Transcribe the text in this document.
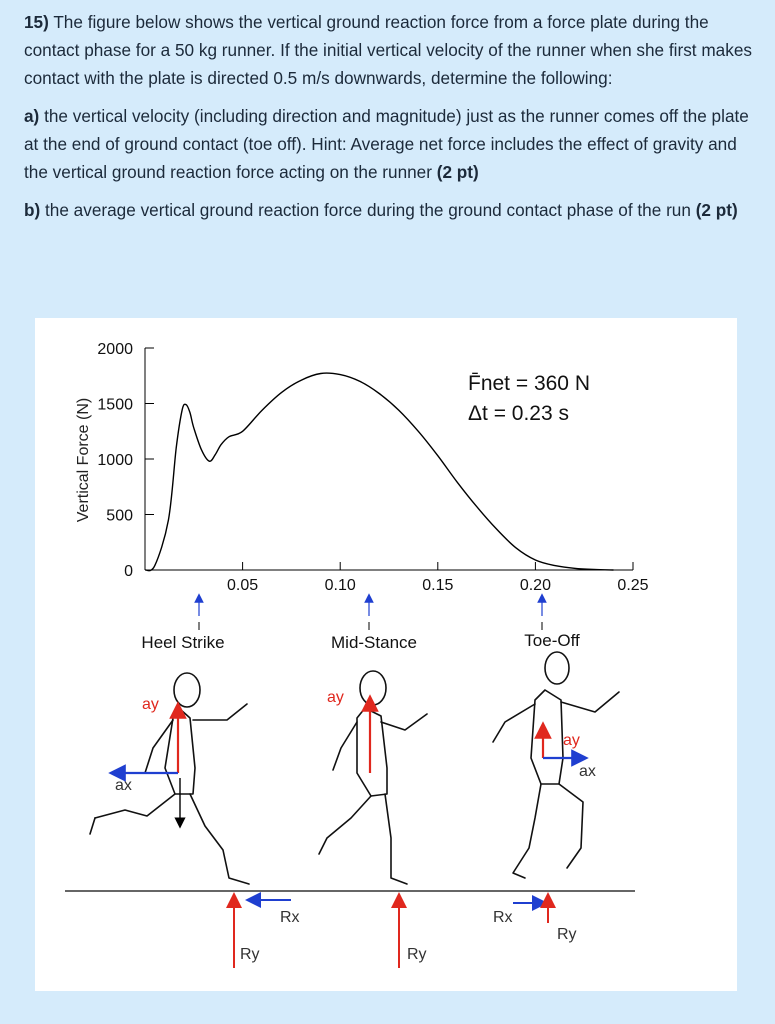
15) The figure below shows the vertical ground reaction force from a force plate during the contact phase for a 50 kg runner. If the initial vertical velocity of the runner when she first makes contact with the plate is directed 0.5 m/s downwards, determine the following:

a) the vertical velocity (including direction and magnitude) just as the runner comes off the plate at the end of ground contact (toe off). Hint: Average net force includes the effect of gravity and the vertical ground reaction force acting on the runner (2 pt)

b) the average vertical ground reaction force during the ground contact phase of the run (2 pt)

2000
1500
1000
500
0
0.05	0.10	0.15	0.20	0.25
Vertical Force (N)
F̄net = 360 N
Δt = 0.23 s
Heel Strike	Mid-Stance	Toe-Off
ay
ax
ay
ay
ax
Rx
Ry	Ry
Rx
Ry
